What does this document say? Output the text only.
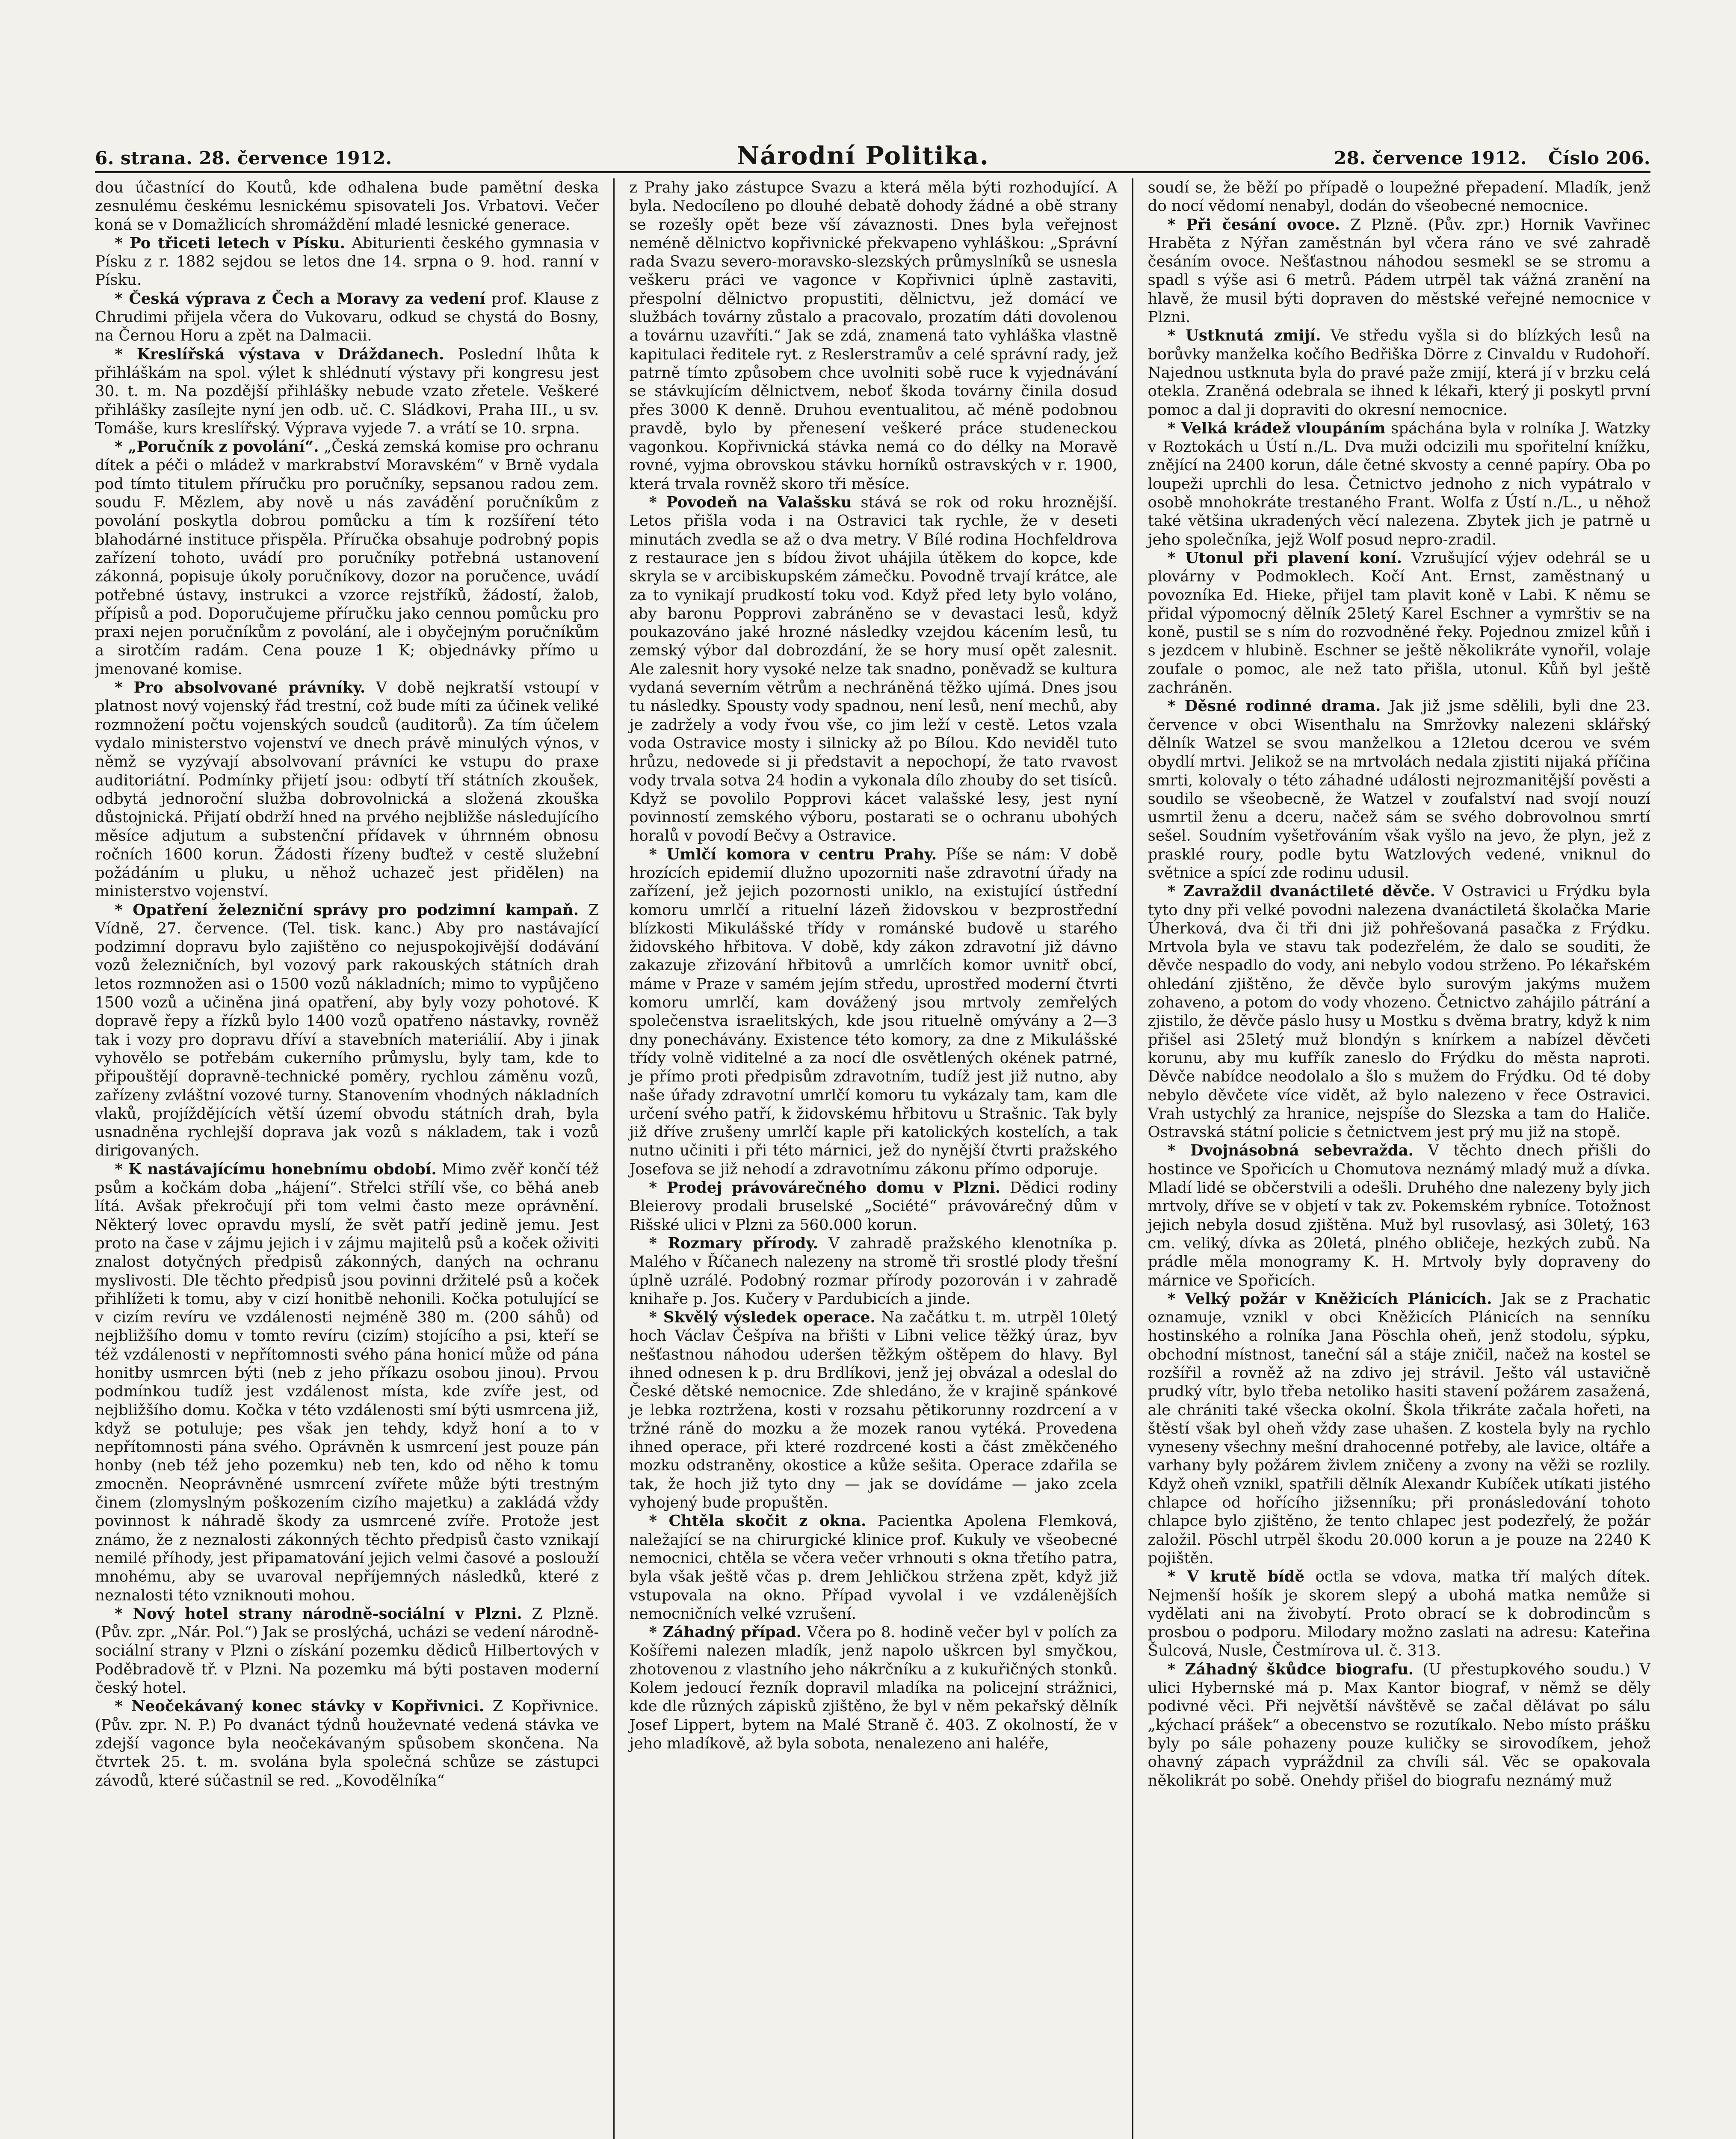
6. strana. 28. července 1912.	Národní Politika.	28. července 1912. Číslo 206.

dou účastnící do Koutů, kde odhalena bude pamětní deska zesnulému českému lesnickému spisovateli Jos. Vrbatovi. Večer koná se v Domažlicích shromáždění mladé lesnické generace.

* Po třiceti letech v Písku. Abiturienti českého gymnasia v Písku z r. 1882 sejdou se letos dne 14. srpna o 9. hod. ranní v Písku.

* Česká výprava z Čech a Moravy za vedení prof. Klause z Chrudimi přijela včera do Vukovaru, odkud se chystá do Bosny, na Černou Horu a zpět na Dalmacii.

* Kreslířská výstava v Dráždanech. Poslední lhůta k přihláškám na spol. výlet k shlédnutí výstavy při kongresu jest 30. t. m. Na pozdější přihlášky nebude vzato zřetele. Veškeré přihlášky zasílejte nyní jen odb. uč. C. Sládkovi, Praha III., u sv. Tomáše, kurs kreslířský. Výprava vyjede 7. a vrátí se 10. srpna.

* „Poručník z povolání“. „Česká zemská komise pro ochranu dítek a péči o mládež v markrabství Moravském“ v Brně vydala pod tímto titulem příručku pro poručníky, sepsanou radou zem. soudu F. Mězlem, aby nově u nás zavádění poručníkům z povolání poskytla dobrou pomůcku a tím k rozšíření této blahodárné instituce přispěla. Příručka obsahuje podrobný popis zařízení tohoto, uvádí pro poručníky potřebná ustanovení zákonná, popisuje úkoly poručníkovy, dozor na poručence, uvádí potřebné ústavy, instrukci a vzorce rejstříků, žádostí, žalob, přípisů a pod. Doporučujeme příručku jako cennou pomůcku pro praxi nejen poručníkům z povolání, ale i obyčejným poručníkům a sirotčím radám. Cena pouze 1 K; objednávky přímo u jmenované komise.

* Pro absolvované právníky. V době nejkratší vstoupí v platnost nový vojenský řád trestní, což bude míti za účinek veliké rozmnožení počtu vojenských soudců (auditorů). Za tím účelem vydalo ministerstvo vojenství ve dnech právě minulých výnos, v němž se vyzývají absolvovaní právníci ke vstupu do praxe auditoriátní. Podmínky přijetí jsou: odbytí tří státních zkoušek, odbytá jednoroční služba dobrovolnická a složená zkouška důstojnická. Přijatí obdrží hned na prvého nejbližše následujícího měsíce adjutum a substenční přídavek v úhrnném obnosu ročních 1600 korun. Žádosti řízeny buďtež v cestě služební požádáním u pluku, u něhož uchazeč jest přidělen) na ministerstvo vojenství.

* Opatření železniční správy pro podzimní kampaň. Z Vídně, 27. července. (Tel. tisk. kanc.) Aby pro nastávající podzimní dopravu bylo zajištěno co nejuspokojivější dodávání vozů železničních, byl vozový park rakouských státních drah letos rozmnožen asi o 1500 vozů nákladních; mimo to vypůjčeno 1500 vozů a učiněna jiná opatření, aby byly vozy pohotové. K dopravě řepy a řízků bylo 1400 vozů opatřeno nástavky, rovněž tak i vozy pro dopravu dříví a stavebních materiálií. Aby i jinak vyhovělo se potřebám cukerního průmyslu, byly tam, kde to připouštějí dopravně-technické poměry, rychlou záměnu vozů, zařízeny zvláštní vozové turny. Stanovením vhodných nákladních vlaků, projíždějících větší území obvodu státních drah, byla usnadněna rychlejší doprava jak vozů s nákladem, tak i vozů dirigovaných.

* K nastávajícímu honebnímu období. Mimo zvěř končí též psům a kočkám doba „hájení“. Střelci střílí vše, co běhá aneb lítá. Avšak překročují při tom velmi často meze oprávnění. Některý lovec opravdu myslí, že svět patří jedině jemu. Jest proto na čase v zájmu jejich i v zájmu majitelů psů a koček oživiti znalost dotyčných předpisů zákonných, daných na ochranu myslivosti. Dle těchto předpisů jsou povinni držitelé psů a koček přihlížeti k tomu, aby v cizí honitbě nehonili. Kočka potulující se v cizím revíru ve vzdálenosti nejméně 380 m. (200 sáhů) od nejbližšího domu v tomto revíru (cizím) stojícího a psi, kteří se též vzdálenosti v nepřítomnosti svého pána honicí může od pána honitby usmrcen býti (neb z jeho příkazu osobou jinou). Prvou podmínkou tudíž jest vzdálenost místa, kde zvíře jest, od nejbližšího domu. Kočka v této vzdálenosti smí býti usmrcena již, když se potuluje; pes však jen tehdy, když honí a to v nepřítomnosti pána svého. Oprávněn k usmrcení jest pouze pán honby (neb též jeho pozemku) neb ten, kdo od něho k tomu zmocněn. Neoprávněné usmrcení zvířete může býti trestným činem (zlomyslným poškozením cizího majetku) a zakládá vždy povinnost k náhradě škody za usmrcené zvíře. Protože jest známo, že z neznalosti zákonných těchto předpisů často vznikají nemilé příhody, jest připamatování jejich velmi časové a poslouží mnohému, aby se uvaroval nepříjemných následků, které z neznalosti této vzniknouti mohou.

* Nový hotel strany národně-sociální v Plzni. Z Plzně. (Pův. zpr. „Nár. Pol.“) Jak se proslýchá, ucházi se vedení národně-sociální strany v Plzni o získání pozemku dědiců Hilbertových v Poděbradově tř. v Plzni. Na pozemku má býti postaven moderní český hotel.

* Neočekávaný konec stávky v Kopřivnici. Z Kopřivnice. (Pův. zpr. N. P.) Po dvanáct týdnů houževnaté vedená stávka ve zdejší vagonce byla neočekávaným spůsobem skončena. Na čtvrtek 25. t. m. svolána byla společná schůze se zástupci závodů, které súčastnil se red. „Kovodělníka“

z Prahy jako zástupce Svazu a která měla býti rozhodující. A byla. Nedocíleno po dlouhé debatě dohody žádné a obě strany se rozešly opět beze vší závaznosti. Dnes byla veřejnost neméně dělnictvo kopřivnické překvapeno vyhláškou: „Správní rada Svazu severo-moravsko-slezských průmyslníků se usnesla veškeru práci ve vagonce v Kopřivnici úplně zastaviti, přespolní dělnictvo propustiti, dělnictvu, jež domácí ve službách továrny zůstalo a pracovalo, prozatím dáti dovolenou a továrnu uzavříti.“ Jak se zdá, znamená tato vyhláška vlastně kapitulaci ředitele ryt. z Reslerstramův a celé správní rady, jež patrně tímto způsobem chce uvolniti sobě ruce k vyjednávání se stávkujícím dělnictvem, neboť škoda továrny činila dosud přes 3000 K denně. Druhou eventualitou, ač méně podobnou pravdě, bylo by přenesení veškeré práce studeneckou vagonkou. Kopřivnická stávka nemá co do délky na Moravě rovné, vyjma obrovskou stávku horníků ostravských v r. 1900, která trvala rovněž skoro tři měsíce.

* Povodeň na Valašsku stává se rok od roku hroznější. Letos přišla voda i na Ostravici tak rychle, že v deseti minutách zvedla se až o dva metry. V Bílé rodina Hochfeldrova z restaurace jen s bídou život uhájila útěkem do kopce, kde skryla se v arcibiskupském zámečku. Povodně trvají krátce, ale za to vynikají prudkostí toku vod. Když před lety bylo voláno, aby baronu Popprovi zabráněno se v devastaci lesů, když poukazováno jaké hrozné následky vzejdou kácením lesů, tu zemský výbor dal dobrozdání, že se hory musí opět zalesnit. Ale zalesnit hory vysoké nelze tak snadno, poněvadž se kultura vydaná severním větrům a nechráněná těžko ujímá. Dnes jsou tu následky. Spousty vody spadnou, není lesů, není mechů, aby je zadržely a vody řvou vše, co jim leží v cestě. Letos vzala voda Ostravice mosty i silnicky až po Bílou. Kdo neviděl tuto hrůzu, nedovede si ji představit a nepochopí, že tato rvavost vody trvala sotva 24 hodin a vykonala dílo zhouby do set tisíců. Když se povolilo Popprovi kácet valašské lesy, jest nyní povinností zemského výboru, postarati se o ochranu ubohých horalů v povodí Bečvy a Ostravice.

* Umlčí komora v centru Prahy. Píše se nám: V době hrozících epidemií dlužno upozorniti naše zdravotní úřady na zařízení, jež jejich pozornosti uniklo, na existující ústřední komoru umrlčí a rituelní lázeň židovskou v bezprostřední blízkosti Mikulášské třídy v románské budově u starého židovského hřbitova. V době, kdy zákon zdravotní již dávno zakazuje zřizování hřbitovů a umrlčích komor uvnitř obcí, máme v Praze v samém jejím středu, uprostřed moderní čtvrti komoru umrlčí, kam dovážený jsou mrtvoly zemřelých společenstva israelitských, kde jsou rituelně omývány a 2—3 dny ponechávány. Existence této komory, za dne z Mikulášské třídy volně viditelné a za nocí dle osvětlených okének patrné, je přímo proti předpisům zdravotním, tudíž jest již nutno, aby naše úřady zdravotní umrlčí komoru tu vykázaly tam, kam dle určení svého patří, k židovskému hřbitovu u Strašnic. Tak byly již dříve zrušeny umrlčí kaple při katolických kostelích, a tak nutno učiniti i při této márnici, jež do nynější čtvrti pražského Josefova se již nehodí a zdravotnímu zákonu přímo odporuje.

* Prodej právovárečného domu v Plzni. Dědici rodiny Bleierovy prodali bruselské „Société“ právovárečný dům v Rišské ulici v Plzni za 560.000 korun.

* Rozmary přírody. V zahradě pražského klenotníka p. Malého v Říčanech nalezeny na stromě tři srostlé plody třešní úplně uzrálé. Podobný rozmar přírody pozorován i v zahradě knihaře p. Jos. Kučery v Pardubicích a jinde.

* Skvělý výsledek operace. Na začátku t. m. utrpěl 10letý hoch Václav Češpíva na břišti v Libni velice těžký úraz, byv nešťastnou náhodou uderšen těžkým oštěpem do hlavy. Byl ihned odnesen k p. dru Brdlíkovi, jenž jej obvázal a odeslal do České dětské nemocnice. Zde shledáno, že v krajině spánkové je lebka roztržena, kosti v rozsahu pětikorunny rozdrcení a v tržné ráně do mozku a že mozek ranou vytéká. Provedena ihned operace, při které rozdrcené kosti a část změkčeného mozku odstraněny, okostice a kůže sešita. Operace zdařila se tak, že hoch již tyto dny — jak se dovídáme — jako zcela vyhojený bude propuštěn.

* Chtěla skočit z okna. Pacientka Apolena Flemková, naležající se na chirurgické klinice prof. Kukuly ve všeobecné nemocnici, chtěla se včera večer vrhnouti s okna třetího patra, byla však ještě včas p. drem Jehličkou stržena zpět, když již vstupovala na okno. Případ vyvolal i ve vzdálenějších nemocničních velké vzrušení.

* Záhadný případ. Včera po 8. hodině večer byl v polích za Košířemi nalezen mladík, jenž napolo uškrcen byl smyčkou, zhotovenou z vlastního jeho nákrčníku a z kukuřičných stonků. Kolem jedoucí řezník dopravil mladíka na policejní strážnici, kde dle různých zápisků zjištěno, že byl v něm pekařský dělník Josef Lippert, bytem na Malé Straně č. 403. Z okolností, že v jeho mladíkově, až byla sobota, nenalezeno ani haléře,

soudí se, že běží po případě o loupežné přepadení. Mladík, jenž do nocí vědomí nenabyl, dodán do všeobecné nemocnice.

* Při česání ovoce. Z Plzně. (Pův. zpr.) Hornik Vavřinec Hraběta z Nýřan zaměstnán byl včera ráno ve své zahradě česáním ovoce. Nešťastnou náhodou sesmekl se se stromu a spadl s výše asi 6 metrů. Pádem utrpěl tak vážná zranění na hlavě, že musil býti dopraven do městské veřejné nemocnice v Plzni.

* Ustknutá zmijí. Ve středu vyšla si do blízkých lesů na borůvky manželka kočího Bedřiška Dörre z Cinvaldu v Rudohoří. Najednou ustknuta byla do pravé paže zmijí, která jí v brzku celá otekla. Zraněná odebrala se ihned k lékaři, který ji poskytl první pomoc a dal ji dopraviti do okresní nemocnice.

* Velká krádež vloupáním spáchána byla v rolníka J. Watzky v Roztokách u Ústí n./L. Dva muži odcizili mu spořitelní knížku, znějící na 2400 korun, dále četné skvosty a cenné papíry. Oba po loupeži uprchli do lesa. Četnictvo jednoho z nich vypátralo v osobě mnohokráte trestaného Frant. Wolfa z Ústí n./L., u něhož také většina ukradených věcí nalezena. Zbytek jich je patrně u jeho společníka, jejž Wolf posud nepro-zradil.

* Utonul při plavení koní. Vzrušující výjev odehrál se u plovárny v Podmoklech. Kočí Ant. Ernst, zaměstnaný u povozníka Ed. Hieke, přijel tam plavit koně v Labi. K němu se přidal výpomocný dělník 25letý Karel Eschner a vymrštiv se na koně, pustil se s ním do rozvodněné řeky. Pojednou zmizel kůň i s jezdcem v hlubině. Eschner se ještě několikráte vynořil, volaje zoufale o pomoc, ale než tato přišla, utonul. Kůň byl ještě zachráněn.

* Děsné rodinné drama. Jak již jsme sdělili, byli dne 23. července v obci Wisenthalu na Smržovky nalezeni sklářský dělník Watzel se svou manželkou a 12letou dcerou ve svém obydlí mrtvi. Jelikož se na mrtvolách nedala zjistiti nijaká příčina smrti, kolovaly o této záhadné události nejrozmanitější pověsti a soudilo se všeobecně, že Watzel v zoufalství nad svojí nouzí usmrtil ženu a dceru, načež sám se svého dobrovolnou smrtí sešel. Soudním vyšetřováním však vyšlo na jevo, že plyn, jež z prasklé roury, podle bytu Watzlových vedené, vniknul do světnice a spící zde rodinu udusil.

* Zavraždil dvanáctileté děvče. V Ostravici u Frýdku byla tyto dny při velké povodni nalezena dvanáctiletá školačka Marie Úherková, dva či tři dni již pohřešovaná pasačka z Frýdku. Mrtvola byla ve stavu tak podezřelém, že dalo se souditi, že děvče nespadlo do vody, ani nebylo vodou strženo. Po lékařském ohledání zjištěno, že děvče bylo surovým jakýms mužem zohaveno, a potom do vody vhozeno. Četnictvo zahájilo pátrání a zjistilo, že děvče páslo husy u Mostku s dvěma bratry, když k nim přišel asi 25letý muž blondýn s knírkem a nabízel děvčeti korunu, aby mu kufřík zaneslo do Frýdku do města naproti. Děvče nabídce neodolalo a šlo s mužem do Frýdku. Od té doby nebylo děvčete více vidět, až bylo nalezeno v řece Ostravici. Vrah ustychlý za hranice, nejspíše do Slezska a tam do Haliče. Ostravská státní policie s četnictvem jest prý mu již na stopě.

* Dvojnásobná sebevražda. V těchto dnech přišli do hostince ve Spořicích u Chomutova neznámý mladý muž a dívka. Mladí lidé se občerstvili a odešli. Druhého dne nalezeny byly jich mrtvoly, dříve se v objetí v tak zv. Pokemském rybníce. Totožnost jejich nebyla dosud zjištěna. Muž byl rusovlasý, asi 30letý, 163 cm. veliký, dívka as 20letá, plného obličeje, hezkých zubů. Na prádle měla monogramy K. H. Mrtvoly byly dopraveny do márnice ve Spořicích.

* Velký požár v Kněžicích Plánicích. Jak se z Prachatic oznamuje, vznikl v obci Kněžicích Plánicích na senníku hostinského a rolníka Jana Pöschla oheň, jenž stodolu, sýpku, obchodní místnost, taneční sál a stáje zničil, načež na kostel se rozšířil a rovněž až na zdivo jej strávil. Ješto vál ustavičně prudký vítr, bylo třeba netoliko hasiti stavení požárem zasažená, ale chrániti také všecka okolní. Škola třikráte začala hořeti, na štěstí však byl oheň vždy zase uhašen. Z kostela byly na rychlo vyneseny všechny mešní drahocenné potřeby, ale lavice, oltáře a varhany byly požárem živlem zničeny a zvony na věži se rozlily. Když oheň vznikl, spatřili dělník Alexandr Kubíček utíkati jistého chlapce od hořícího jižsenníku; při pronásledování tohoto chlapce bylo zjištěno, že tento chlapec jest podezřelý, že požár založil. Pöschl utrpěl škodu 20.000 korun a je pouze na 2240 K pojištěn.

* V krutě bídě octla se vdova, matka tří malých dítek. Nejmenší hošík je skorem slepý a ubohá matka nemůže si vydělati ani na živobytí. Proto obrací se k dobrodincům s prosbou o podporu. Milodary možno zaslati na adresu: Kateřina Šulcová, Nusle, Čestmírova ul. č. 313.

* Záhadný škůdce biografu. (U přestupkového soudu.) V ulici Hybernské má p. Max Kantor biograf, v němž se děly podivné věci. Při největší návštěvě se začal dělávat po sálu „kýchací prášek“ a obecenstvo se rozutíkalo. Nebo místo prášku byly po sále pohazeny pouze kuličky se sirovodíkem, jehož ohavný zápach vypráždnil za chvíli sál. Věc se opakovala několikrát po sobě. Onehdy přišel do biografu neznámý muž
